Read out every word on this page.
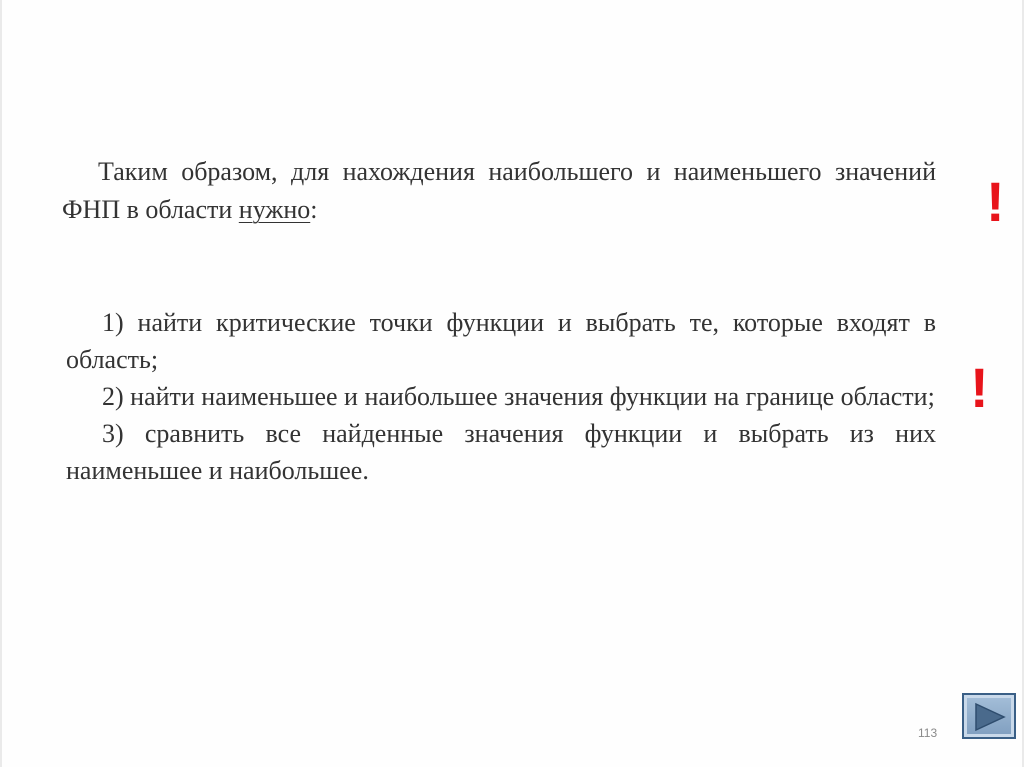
Таким образом, для нахождения наибольшего и наименьшего значений ФНП в области нужно:

1) найти критические точки функции и выбрать те, которые входят в область;
2) найти наименьшее и наибольшее значения функции на границе области;
3) сравнить все найденные значения функции и выбрать из них наименьшее и наибольшее.
!
!
113
